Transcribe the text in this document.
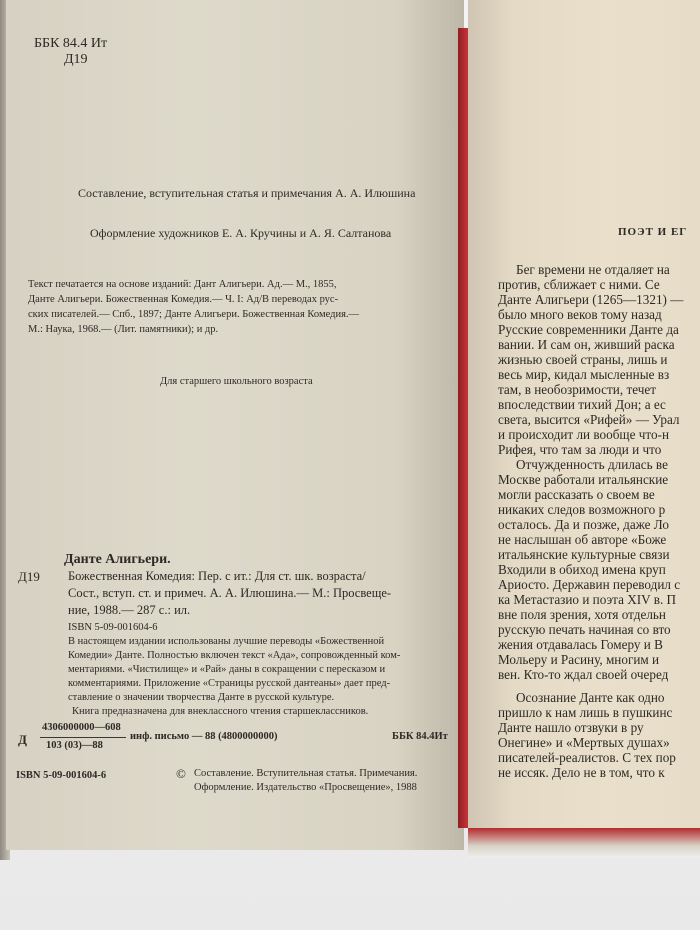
ББК 84.4 Ит
Д19
Составление, вступительная статья и примечания А. А. Илюшина
Оформление художников Е. А. Кручины и А. Я. Салтанова
Текст печатается на основе изданий: Дант Алигьери. Ад.— М., 1855,
Данте Алигьери. Божественная Комедия.— Ч. I: Ад/В переводах рус-
ских писателей.— Спб., 1897; Данте Алигьери. Божественная Комедия.—
М.: Наука, 1968.— (Лит. памятники); и др.
Для старшего школьного возраста
Данте Алигьери.
Д19 Божественная Комедия: Пер. с ит.: Для ст. шк. возраста/
Сост., вступ. ст. и примеч. А. А. Илюшина.— М.: Просвеще-
ние, 1988.— 287 с.: ил.
ISBN 5-09-001604-6
В настоящем издании использованы лучшие переводы «Божественной
Комедии» Данте. Полностью включен текст «Ада», сопровожденный ком-
ментариями. «Чистилище» и «Рай» даны в сокращении с пересказом и
комментариями. Приложение «Страницы русской дантеаны» дает пред-
ставление о значении творчества Данте в русской культуре.
Книга предназначена для внеклассного чтения старшеклассников.
Д
4306000000—608
103 (03)—88
инф. письмо — 88 (4800000000)	ББК 84.4Ит
ISBN 5-09-001604-6	© Составление. Вступительная статья. Примечания.
Оформление. Издательство «Просвещение», 1988
ПОЭТ И ЕГ
Бег времени не отдаляет на
против, сближает с ними. Се
Данте Алигьери (1265—1321) —
было много веков тому назад
Русские современники Данте да
вании. И сам он, живший раска
жизнью своей страны, лишь и
весь мир, кидал мысленные вз
там, в необозримости, течет
впоследствии тихий Дон; а ес
света, высится «Рифей» — Урал
и происходит ли вообще что-н
Рифея, что там за люди и что
Отчужденность длилась ве
Москве работали итальянские
могли рассказать о своем ве
никаких следов возможного р
осталось. Да и позже, даже Ло
не наслышан об авторе «Боже
итальянские культурные связи
Входили в обиход имена круп
Ариосто. Державин переводил с
ка Метастазио и поэта XIV в. П
вне поля зрения, хотя отдельн
русскую печать начиная со вто
жения отдавалась Гомеру и В
Мольеру и Расину, многим и
вен. Кто-то ждал своей очеред
Осознание Данте как одно
пришло к нам лишь в пушкинс
Данте нашло отзвуки в ру
Онегине» и «Мертвых душах»
писателей-реалистов. С тех пор
не иссяк. Дело не в том, что к
